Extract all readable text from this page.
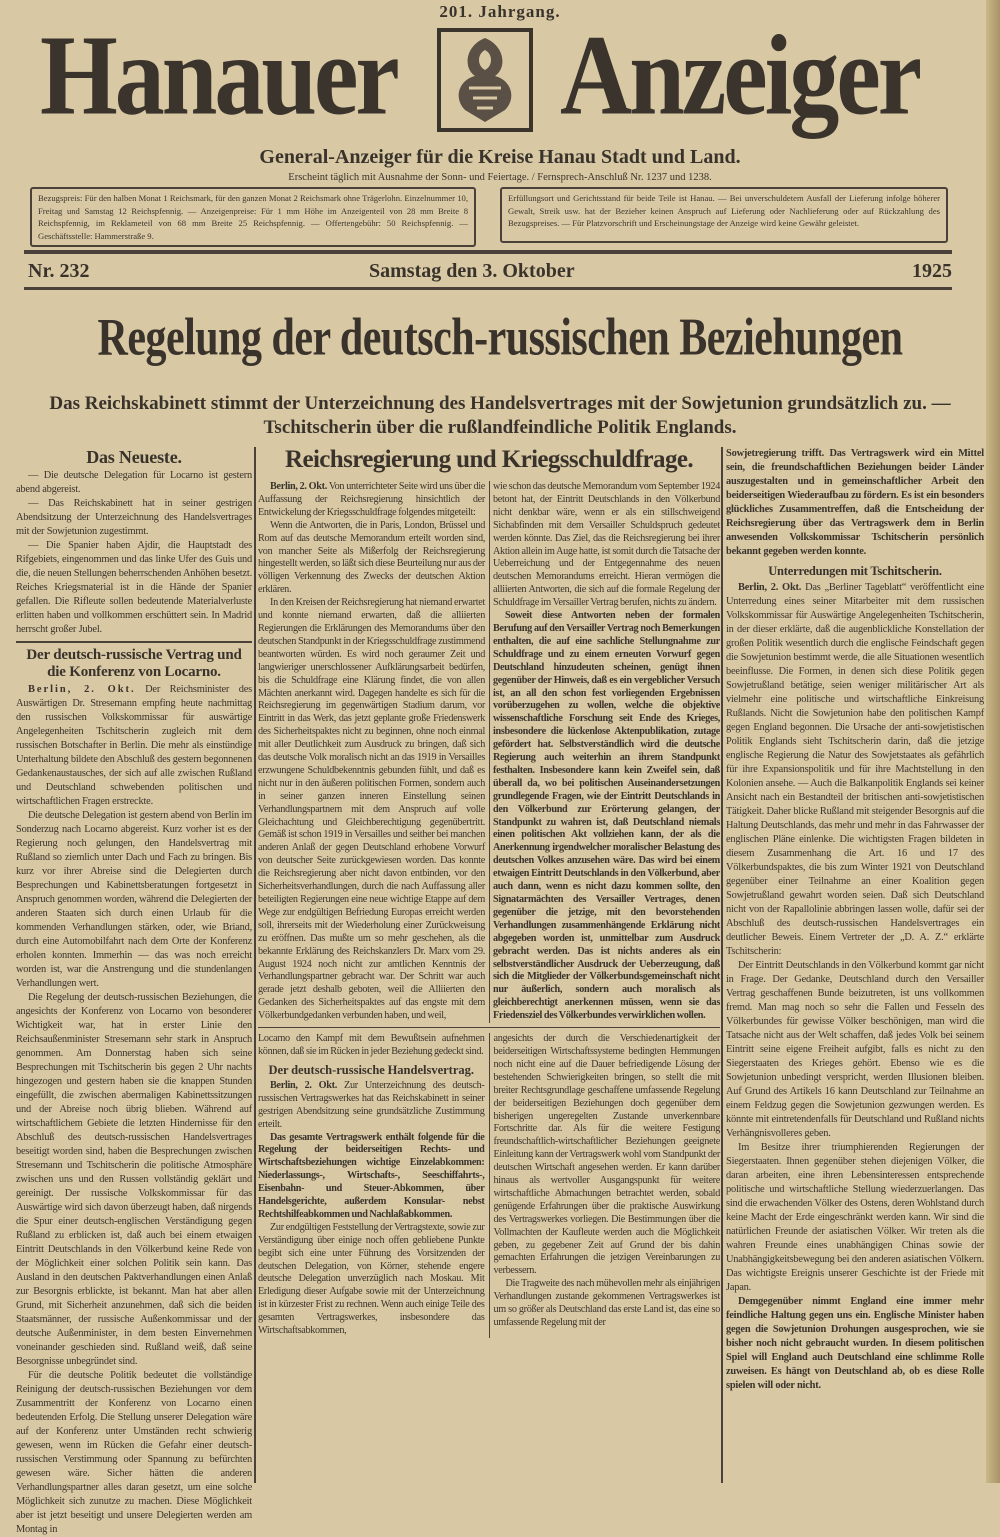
201. Jahrgang.
Hanauer Anzeiger
General-Anzeiger für die Kreise Hanau Stadt und Land.
Erscheint täglich mit Ausnahme der Sonn- und Feiertage. / Fernsprech-Anschluß Nr. 1237 und 1238.
Bezugspreis: Für den halben Monat 1 Reichsmark, für den ganzen Monat 2 Reichsmark ohne Trägerlohn. Einzelnummer 10, Freitag und Samstag 12 Reichspfennig. — Anzeigenpreise: Für 1 mm Höhe im Anzeigenteil von 28 mm Breite 8 Reichspfennig, im Reklameteil von 68 mm Breite 25 Reichspfennig. — Offertengebühr: 50 Reichspfennig. — Geschäftsstelle: Hammerstraße 9.
Erfüllungsort und Gerichtsstand für beide Teile ist Hanau. — Bei unverschuldetem Ausfall der Lieferung infolge höherer Gewalt, Streik usw. hat der Bezieher keinen Anspruch auf Lieferung oder Nachlieferung oder auf Rückzahlung des Bezugspreises. — Für Platzvorschrift und Erscheinungstage der Anzeige wird keine Gewähr geleistet.
Nr. 232	Samstag den 3. Oktober	1925
Regelung der deutsch-russischen Beziehungen
Das Reichskabinett stimmt der Unterzeichnung des Handelsvertrages mit der Sowjetunion grundsätzlich zu. — Tschitscherin über die rußlandfeindliche Politik Englands.
Das Neueste.

— Die deutsche Delegation für Locarno ist gestern abend abgereist.

— Das Reichskabinett hat in seiner gestrigen Abendsitzung der Unterzeichnung des Handelsvertrages mit der Sowjetunion zugestimmt.

— Die Spanier haben Ajdir, die Hauptstadt des Rifgebiets, eingenommen und das linke Ufer des Guis und die, die neuen Stellungen beherrschenden Anhöhen besetzt. Reiches Kriegsmaterial ist in die Hände der Spanier gefallen. Die Rifleute sollen bedeutende Materialverluste erlitten haben und vollkommen erschüttert sein. In Madrid herrscht großer Jubel.

Der deutsch-russische Vertrag und die Konferenz von Locarno.

Berlin, 2. Okt. Der Reichsminister des Auswärtigen Dr. Stresemann empfing heute nachmittag den russischen Volkskommissar für auswärtige Angelegenheiten Tschitscherin zugleich mit dem russischen Botschafter in Berlin. Die mehr als einstündige Unterhaltung bildete den Abschluß des gestern begonnenen Gedankenaustausches, der sich auf alle zwischen Rußland und Deutschland schwebenden politischen und wirtschaftlichen Fragen erstreckte.

Die deutsche Delegation ist gestern abend von Berlin im Sonderzug nach Locarno abgereist. Kurz vorher ist es der Regierung noch gelungen, den Handelsvertrag mit Rußland so ziemlich unter Dach und Fach zu bringen. Bis kurz vor ihrer Abreise sind die Delegierten durch Besprechungen und Kabinettsberatungen fortgesetzt in Anspruch genommen worden, während die Delegierten der anderen Staaten sich durch einen Urlaub für die kommenden Verhandlungen stärken, oder, wie Briand, durch eine Automobilfahrt nach dem Orte der Konferenz erholen konnten. Immerhin — das was noch erreicht worden ist, war die Anstrengung und die stundenlangen Verhandlungen wert.

Die Regelung der deutsch-russischen Beziehungen, die angesichts der Konferenz von Locarno von besonderer Wichtigkeit war, hat in erster Linie den Reichsaußenminister Stresemann sehr stark in Anspruch genommen. Am Donnerstag haben sich seine Besprechungen mit Tschitscherin bis gegen 2 Uhr nachts hingezogen und gestern haben sie die knappen Stunden eingefüllt, die zwischen abermaligen Kabinettssitzungen und der Abreise noch übrig blieben. Während auf wirtschaftlichem Gebiete die letzten Hindernisse für den Abschluß des deutsch-russischen Handelsvertrages beseitigt worden sind, haben die Besprechungen zwischen Stresemann und Tschitscherin die politische Atmosphäre zwischen uns und den Russen vollständig geklärt und gereinigt. Der russische Volkskommissar für das Auswärtige wird sich davon überzeugt haben, daß nirgends die Spur einer deutsch-englischen Verständigung gegen Rußland zu erblicken ist, daß auch bei einem etwaigen Eintritt Deutschlands in den Völkerbund keine Rede von der Möglichkeit einer solchen Politik sein kann. Das Ausland in den deutschen Paktverhandlungen einen Anlaß zur Besorgnis erblickte, ist bekannt. Man hat aber allen Grund, mit Sicherheit anzunehmen, daß sich die beiden Staatsmänner, der russische Außenkommissar und der deutsche Außenminister, in dem besten Einvernehmen voneinander geschieden sind. Rußland weiß, daß seine Besorgnisse unbegründet sind.

Für die deutsche Politik bedeutet die vollständige Reinigung der deutsch-russischen Beziehungen vor dem Zusammentritt der Konferenz von Locarno einen bedeutenden Erfolg. Die Stellung unserer Delegation wäre auf der Konferenz unter Umständen recht schwierig gewesen, wenn im Rücken die Gefahr einer deutsch-russischen Verstimmung oder Spannung zu befürchten gewesen wäre. Sicher hätten die anderen Verhandlungspartner alles daran gesetzt, um eine solche Möglichkeit sich zunutze zu machen. Diese Möglichkeit aber ist jetzt beseitigt und unsere Delegierten werden am Montag in

Reichsregierung und Kriegsschuldfrage.

Berlin, 2. Okt. Von unterrichteter Seite wird uns über die Auffassung der Reichsregierung hinsichtlich der Entwickelung der Kriegsschuldfrage folgendes mitgeteilt:

Wenn die Antworten, die in Paris, London, Brüssel und Rom auf das deutsche Memorandum erteilt worden sind, von mancher Seite als Mißerfolg der Reichsregierung hingestellt werden, so läßt sich diese Beurteilung nur aus der völligen Verkennung des Zwecks der deutschen Aktion erklären.

In den Kreisen der Reichsregierung hat niemand erwartet und konnte niemand erwarten, daß die alliierten Regierungen die Erklärungen des Memorandums über den deutschen Standpunkt in der Kriegsschuldfrage zustimmend beantworten würden. Es wird noch geraumer Zeit und langwieriger unerschlossener Aufklärungsarbeit bedürfen, bis die Schuldfrage eine Klärung findet, die von allen Mächten anerkannt wird. Dagegen handelte es sich für die Reichsregierung im gegenwärtigen Stadium darum, vor Eintritt in das Werk, das jetzt geplante große Friedenswerk des Sicherheitspaktes nicht zu beginnen, ohne noch einmal mit aller Deutlichkeit zum Ausdruck zu bringen, daß sich das deutsche Volk moralisch nicht an das 1919 in Versailles erzwungene Schuldbekenntnis gebunden fühlt, und daß es nicht nur in den äußeren politischen Formen, sondern auch in seiner ganzen inneren Einstellung seinen Verhandlungspartnern mit dem Anspruch auf volle Gleichachtung und Gleichberechtigung gegenübertritt. Gemäß ist schon 1919 in Versailles und seither bei manchen anderen Anlaß der gegen Deutschland erhobene Vorwurf von deutscher Seite zurückgewiesen worden. Das konnte die Reichsregierung aber nicht davon entbinden, vor den Sicherheitsverhandlungen, durch die nach Auffassung aller beteiligten Regierungen eine neue wichtige Etappe auf dem Wege zur endgültigen Befriedung Europas erreicht werden soll, ihrerseits mit der Wiederholung einer Zurückweisung zu eröffnen. Das mußte um so mehr geschehen, als die bekannte Erklärung des Reichskanzlers Dr. Marx vom 29. August 1924 noch nicht zur amtlichen Kenntnis der Verhandlungspartner gebracht war. Der Schritt war auch gerade jetzt deshalb geboten, weil die Alliierten den Gedanken des Sicherheitspaktes auf das engste mit dem Völkerbundgedanken verbunden haben, und weil,

wie schon das deutsche Memorandum vom September 1924 betont hat, der Eintritt Deutschlands in den Völkerbund nicht denkbar wäre, wenn er als ein stillschweigend Sichabfinden mit dem Versailler Schuldspruch gedeutet werden könnte. Das Ziel, das die Reichsregierung bei ihrer Aktion allein im Auge hatte, ist somit durch die Tatsache der Ueberreichung und der Entgegennahme des neuen deutschen Memorandums erreicht. Hieran vermögen die alliierten Antworten, die sich auf die formale Regelung der Schuldfrage im Versailler Vertrag berufen, nichts zu ändern.

Soweit diese Antworten neben der formalen Berufung auf den Versailler Vertrag noch Bemerkungen enthalten, die auf eine sachliche Stellungnahme zur Schuldfrage und zu einem erneuten Vorwurf gegen Deutschland hinzudeuten scheinen, genügt ihnen gegenüber der Hinweis, daß es ein vergeblicher Versuch ist, an all den schon fest vorliegenden Ergebnissen vorüberzugehen zu wollen, welche die objektive wissenschaftliche Forschung seit Ende des Krieges, insbesondere die lückenlose Aktenpublikation, zutage gefördert hat. Selbstverständlich wird die deutsche Regierung auch weiterhin an ihrem Standpunkt festhalten. Insbesondere kann kein Zweifel sein, daß überall da, wo bei politischen Auseinandersetzungen grundlegende Fragen, wie der Eintritt Deutschlands in den Völkerbund zur Erörterung gelangen, der Standpunkt zu wahren ist, daß Deutschland niemals einen politischen Akt vollziehen kann, der als die Anerkennung irgendwelcher moralischer Belastung des deutschen Volkes anzusehen wäre. Das wird bei einem etwaigen Eintritt Deutschlands in den Völkerbund, aber auch dann, wenn es nicht dazu kommen sollte, den Signatarmächten des Versailler Vertrages, denen gegenüber die jetzige, mit den bevorstehenden Verhandlungen zusammenhängende Erklärung nicht abgegeben worden ist, unmittelbar zum Ausdruck gebracht werden. Das ist nichts anderes als ein selbstverständlicher Ausdruck der Ueberzeugung, daß sich die Mitglieder der Völkerbundsgemeinschaft nicht nur äußerlich, sondern auch moralisch als gleichberechtigt anerkennen müssen, wenn sie das Friedensziel des Völkerbundes verwirklichen wollen.

Locarno den Kampf mit dem Bewußtsein aufnehmen können, daß sie im Rücken in jeder Beziehung gedeckt sind.

Der deutsch-russische Handelsvertrag.

Berlin, 2. Okt. Zur Unterzeichnung des deutsch-russischen Vertragswerkes hat das Reichskabinett in seiner gestrigen Abendsitzung seine grundsätzliche Zustimmung erteilt.

Das gesamte Vertragswerk enthält folgende für die Regelung der beiderseitigen Rechts- und Wirtschaftsbeziehungen wichtige Einzelabkommen: Niederlassungs-, Wirtschafts-, Seeschiffahrts-, Eisenbahn- und Steuer-Abkommen, über Handelsgerichte, außerdem Konsular- nebst Rechtshilfeabkommen und Nachlaßabkommen.

Zur endgültigen Feststellung der Vertragstexte, sowie zur Verständigung über einige noch offen gebliebene Punkte begibt sich eine unter Führung des Vorsitzenden der deutschen Delegation, von Körner, stehende engere deutsche Delegation unverzüglich nach Moskau. Mit Erledigung dieser Aufgabe sowie mit der Unterzeichnung ist in kürzester Frist zu rechnen. Wenn auch einige Teile des gesamten Vertragswerkes, insbesondere das Wirtschaftsabkommen,

angesichts der durch die Verschiedenartigkeit der beiderseitigen Wirtschaftssysteme bedingten Hemmungen noch nicht eine auf die Dauer befriedigende Lösung der bestehenden Schwierigkeiten bringen, so stellt die mit breiter Rechtsgrundlage geschaffene umfassende Regelung der beiderseitigen Beziehungen doch gegenüber dem bisherigen ungeregelten Zustande unverkennbare Fortschritte dar. Als für die weitere Festigung freundschaftlich-wirtschaftlicher Beziehungen geeignete Einleitung kann der Vertragswerk wohl vom Standpunkt der deutschen Wirtschaft angesehen werden. Er kann darüber hinaus als wertvoller Ausgangspunkt für weitere wirtschaftliche Abmachungen betrachtet werden, sobald genügende Erfahrungen über die praktische Auswirkung des Vertragswerkes vorliegen. Die Bestimmungen über die Vollmachten der Kaufleute werden auch die Möglichkeit geben, zu gegebener Zeit auf Grund der bis dahin gemachten Erfahrungen die jetzigen Vereinbarungen zu verbessern.

Die Tragweite des nach mühevollen mehr als einjährigen Verhandlungen zustande gekommenen Vertragswerkes ist um so größer als Deutschland das erste Land ist, das eine so umfassende Regelung mit der

Sowjetregierung trifft. Das Vertragswerk wird ein Mittel sein, die freundschaftlichen Beziehungen beider Länder auszugestalten und in gemeinschaftlicher Arbeit den beiderseitigen Wiederaufbau zu fördern. Es ist ein besonders glückliches Zusammentreffen, daß die Entscheidung der Reichsregierung über das Vertragswerk dem in Berlin anwesenden Volkskommissar Tschitscherin persönlich bekannt gegeben werden konnte.

Unterredungen mit Tschitscherin.

Berlin, 2. Okt. Das „Berliner Tageblatt“ veröffentlicht eine Unterredung eines seiner Mitarbeiter mit dem russischen Volkskommissar für Auswärtige Angelegenheiten Tschitscherin, in der dieser erklärte, daß die augenblickliche Konstellation der großen Politik wesentlich durch die englische Feindschaft gegen die Sowjetunion bestimmt werde, die alle Situationen wesentlich beeinflusse. Die Formen, in denen sich diese Politik gegen Sowjetrußland betätige, seien weniger militärischer Art als vielmehr eine politische und wirtschaftliche Einkreisung Rußlands. Nicht die Sowjetunion habe den politischen Kampf gegen England begonnen. Die Ursache der anti-sowjetistischen Politik Englands sieht Tschitscherin darin, daß die jetzige englische Regierung die Natur des Sowjetstaates als gefährlich für ihre Expansionspolitik und für ihre Machtstellung in den Kolonien ansehe. — Auch die Balkanpolitik Englands sei keiner Ansicht nach ein Bestandteil der britischen anti-sowjetistischen Tätigkeit. Daher blicke Rußland mit steigender Besorgnis auf die Haltung Deutschlands, das mehr und mehr in das Fahrwasser der englischen Pläne einlenke. Die wichtigsten Fragen bildeten in diesem Zusammenhang die Art. 16 und 17 des Völkerbundspaktes, die bis zum Winter 1921 von Deutschland gegenüber einer Teilnahme an einer Koalition gegen Sowjetrußland gewahrt worden seien. Daß sich Deutschland nicht von der Rapallolinie abbringen lassen wolle, dafür sei der Abschluß des deutsch-russischen Handelsvertrages ein deutlicher Beweis. Einem Vertreter der „D. A. Z.“ erklärte Tschitscherin:

Der Eintritt Deutschlands in den Völkerbund kommt gar nicht in Frage. Der Gedanke, Deutschland durch den Versailler Vertrag geschaffenen Bunde beizutreten, ist uns vollkommen fremd. Man mag noch so sehr die Fallen und Fesseln des Völkerbundes für gewisse Völker beschönigen, man wird die Tatsache nicht aus der Welt schaffen, daß jedes Volk bei seinem Eintritt seine eigene Freiheit aufgibt, falls es nicht zu den Siegerstaaten des Krieges gehört. Ebenso wie es die Sowjetunion unbedingt verspricht, werden Illusionen bleiben. Auf Grund des Artikels 16 kann Deutschland zur Teilnahme an einem Feldzug gegen die Sowjetunion gezwungen werden. Es könnte mit eintretendenfalls für Deutschland und Rußland nichts Verhängnisvolleres geben.

Im Besitze ihrer triumphierenden Regierungen der Siegerstaaten. Ihnen gegenüber stehen diejenigen Völker, die daran arbeiten, eine ihren Lebensinteressen entsprechende politische und wirtschaftliche Stellung wiederzuerlangen. Das sind die erwachenden Völker des Ostens, deren Wohlstand durch keine Macht der Erde eingeschränkt werden kann. Wir sind die natürlichen Freunde der asiatischen Völker. Wir treten als die wahren Freunde eines unabhängigen Chinas sowie der Unabhängigkeitsbewegung bei den anderen asiatischen Völkern. Das wichtigste Ereignis unserer Geschichte ist der Friede mit Japan.

Demgegenüber nimmt England eine immer mehr feindliche Haltung gegen uns ein. Englische Minister haben gegen die Sowjetunion Drohungen ausgesprochen, wie sie bisher noch nicht gebraucht wurden. In diesem politischen Spiel will England auch Deutschland eine schlimme Rolle zuweisen. Es hängt von Deutschland ab, ob es diese Rolle spielen will oder nicht.
